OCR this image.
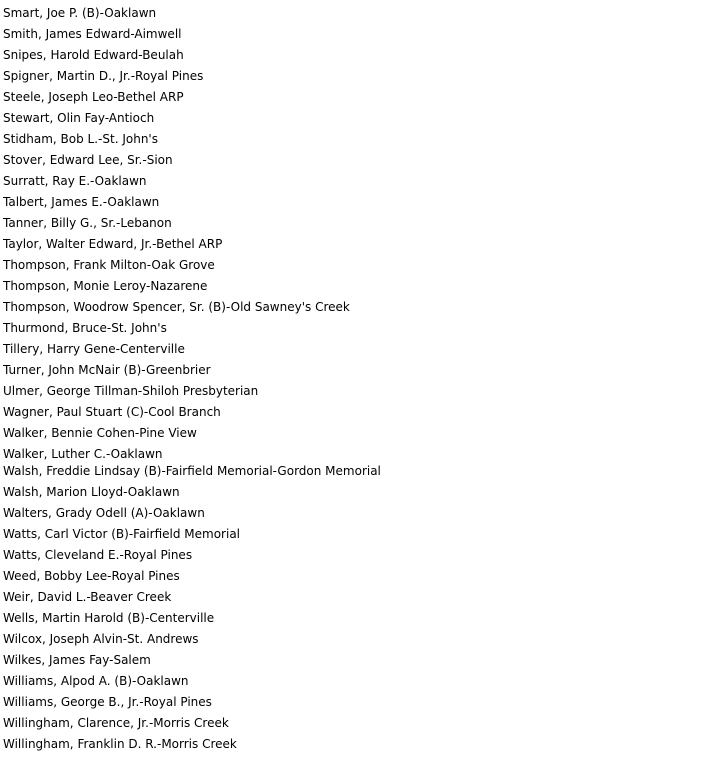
Smart, Joe P. (B)-Oaklawn
Smith, James Edward-Aimwell
Snipes, Harold Edward-Beulah
Spigner, Martin D., Jr.-Royal Pines
Steele, Joseph Leo-Bethel ARP
Stewart, Olin Fay-Antioch
Stidham, Bob L.-St. John's
Stover, Edward Lee, Sr.-Sion
Surratt, Ray E.-Oaklawn
Talbert, James E.-Oaklawn
Tanner, Billy G., Sr.-Lebanon
Taylor, Walter Edward, Jr.-Bethel ARP
Thompson, Frank Milton-Oak Grove
Thompson, Monie Leroy-Nazarene
Thompson, Woodrow Spencer, Sr. (B)-Old Sawney's Creek
Thurmond, Bruce-St. John's
Tillery, Harry Gene-Centerville
Turner, John McNair (B)-Greenbrier
Ulmer, George Tillman-Shiloh Presbyterian
Wagner, Paul Stuart (C)-Cool Branch
Walker, Bennie Cohen-Pine View
Walker, Luther C.-Oaklawn
Walsh, Freddie Lindsay (B)-Fairfield Memorial-Gordon Memorial
Walsh, Marion Lloyd-Oaklawn
Walters, Grady Odell (A)-Oaklawn
Watts, Carl Victor (B)-Fairfield Memorial
Watts, Cleveland E.-Royal Pines
Weed, Bobby Lee-Royal Pines
Weir, David L.-Beaver Creek
Wells, Martin Harold (B)-Centerville
Wilcox, Joseph Alvin-St. Andrews
Wilkes, James Fay-Salem
Williams, Alpod A. (B)-Oaklawn
Williams, George B., Jr.-Royal Pines
Willingham, Clarence, Jr.-Morris Creek
Willingham, Franklin D. R.-Morris Creek
